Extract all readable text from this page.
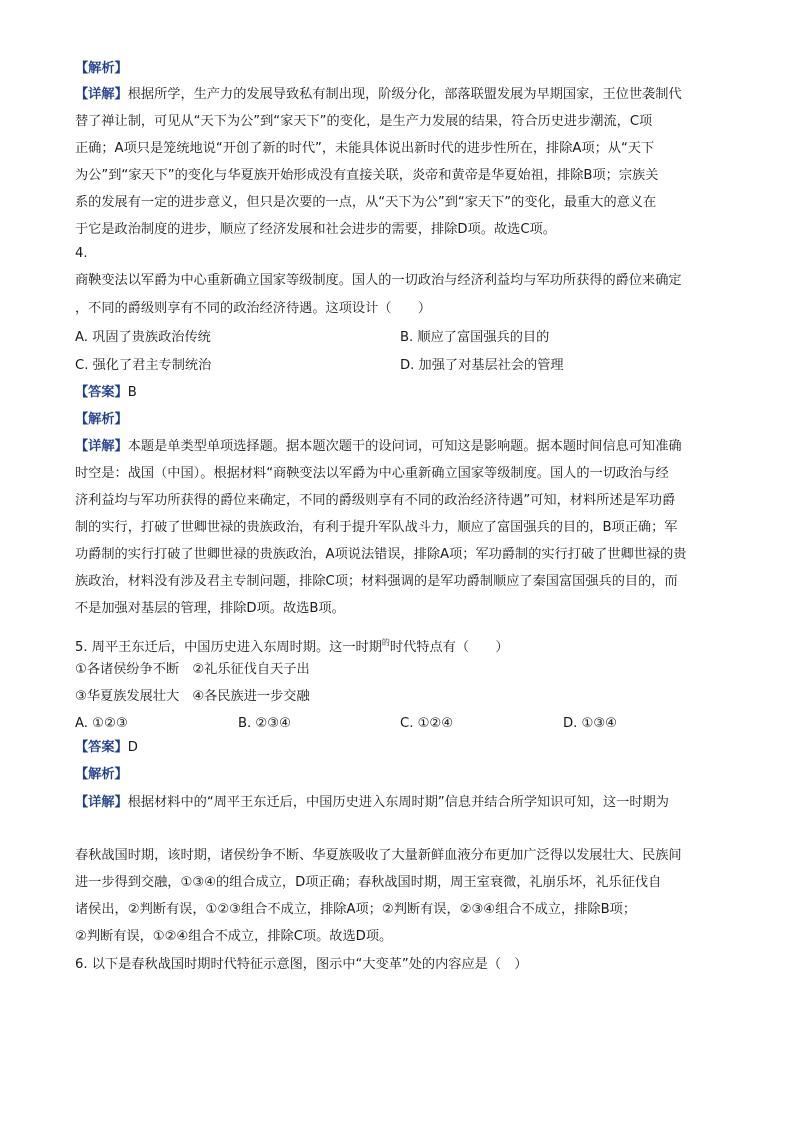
【解析】
【详解】根据所学，生产力的发展导致私有制出现，阶级分化，部落联盟发展为早期国家，王位世袭制代
替了禅让制，可见从“天下为公”到“家天下”的变化，是生产力发展的结果，符合历史进步潮流，C项
正确；A项只是笼统地说“开创了新的时代”，未能具体说出新时代的进步性所在，排除A项；从“天下
为公”到“家天下”的变化与华夏族开始形成没有直接关联，炎帝和黄帝是华夏始祖，排除B项；宗族关
系的发展有一定的进步意义，但只是次要的一点，从“天下为公”到“家天下”的变化，最重大的意义在
于它是政治制度的进步，顺应了经济发展和社会进步的需要，排除D项。故选C项。
4.
商鞅变法以军爵为中心重新确立国家等级制度。国人的一切政治与经济利益均与军功所获得的爵位来确定
，不同的爵级则享有不同的政治经济待遇。这项设计（　　）
A. 巩固了贵族政治传统	B. 顺应了富国强兵的目的
C. 强化了君主专制统治	D. 加强了对基层社会的管理
【答案】B
【解析】
【详解】本题是单类型单项选择题。据本题次题干的设问词，可知这是影响题。据本题时间信息可知准确
时空是：战国（中国）。根据材料“商鞅变法以军爵为中心重新确立国家等级制度。国人的一切政治与经
济利益均与军功所获得的爵位来确定，不同的爵级则享有不同的政治经济待遇”可知，材料所述是军功爵
制的实行，打破了世卿世禄的贵族政治，有利于提升军队战斗力，顺应了富国强兵的目的，B项正确；军
功爵制的实行打破了世卿世禄的贵族政治，A项说法错误，排除A项；军功爵制的实行打破了世卿世禄的贵
族政治，材料没有涉及君主专制问题，排除C项；材料强调的是军功爵制顺应了秦国富国强兵的目的，而
不是加强对基层的管理，排除D项。故选B项。
5. 周平王东迁后，中国历史进入东周时期。这一时期$^的$时代特点有（　　）
①各诸侯纷争不断　②礼乐征伐自天子出
③华夏族发展壮大　④各民族进一步交融
A. ①②③	B. ②③④	C. ①②④	D. ①③④
【答案】D
【解析】
【详解】根据材料中的“周平王东迁后，中国历史进入东周时期”信息并结合所学知识可知，这一时期为
春秋战国时期，该时期，诸侯纷争不断、华夏族吸收了大量新鲜血液分布更加广泛得以发展壮大、民族间
进一步得到交融，①③④的组合成立，D项正确；春秋战国时期，周王室衰微，礼崩乐坏，礼乐征伐自
诸侯出，②判断有误，①②③组合不成立，排除A项；②判断有误，②③④组合不成立，排除B项；
②判断有误，①②④组合不成立，排除C项。故选D项。
6. 以下是春秋战国时期时代特征示意图，图示中“大变革”处的内容应是（　）
